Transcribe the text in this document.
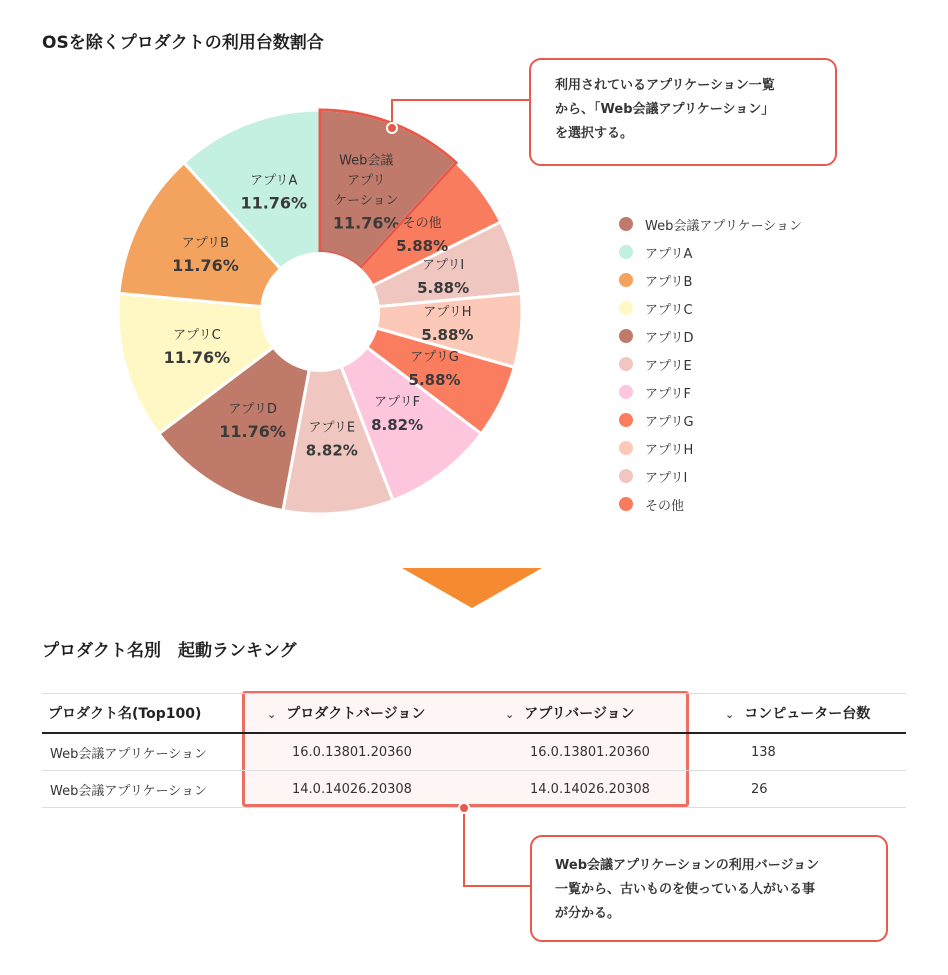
OSを除くプロダクトの利用台数割合
Web会議
アプリ
ケーション
11.76% その他
5.88%
アプリI
5.88%
アプリH
5.88%
アプリG
5.88%
アプリF
8.82%
アプリE
8.82%
アプリD
11.76%
アプリC
11.76%
アプリB
11.76%
アプリA
11.76%
利用されているアプリケーション一覧
から、「Web会議アプリケーション」
を選択する。
Web会議アプリケーション
アプリA
アプリB
アプリC
アプリD
アプリE
アプリF
アプリG
アプリH
アプリI
その他
プロダクト名別　起動ランキング
プロダクト名(Top100)	⌄ プロダクトバージョン	⌄ アプリバージョン	⌄ コンピューター台数
Web会議アプリケーション	16.0.13801.20360	16.0.13801.20360	138
Web会議アプリケーション	14.0.14026.20308	14.0.14026.20308	26
Web会議アプリケーションの利用バージョン
一覧から、古いものを使っている人がいる事
が分かる。
